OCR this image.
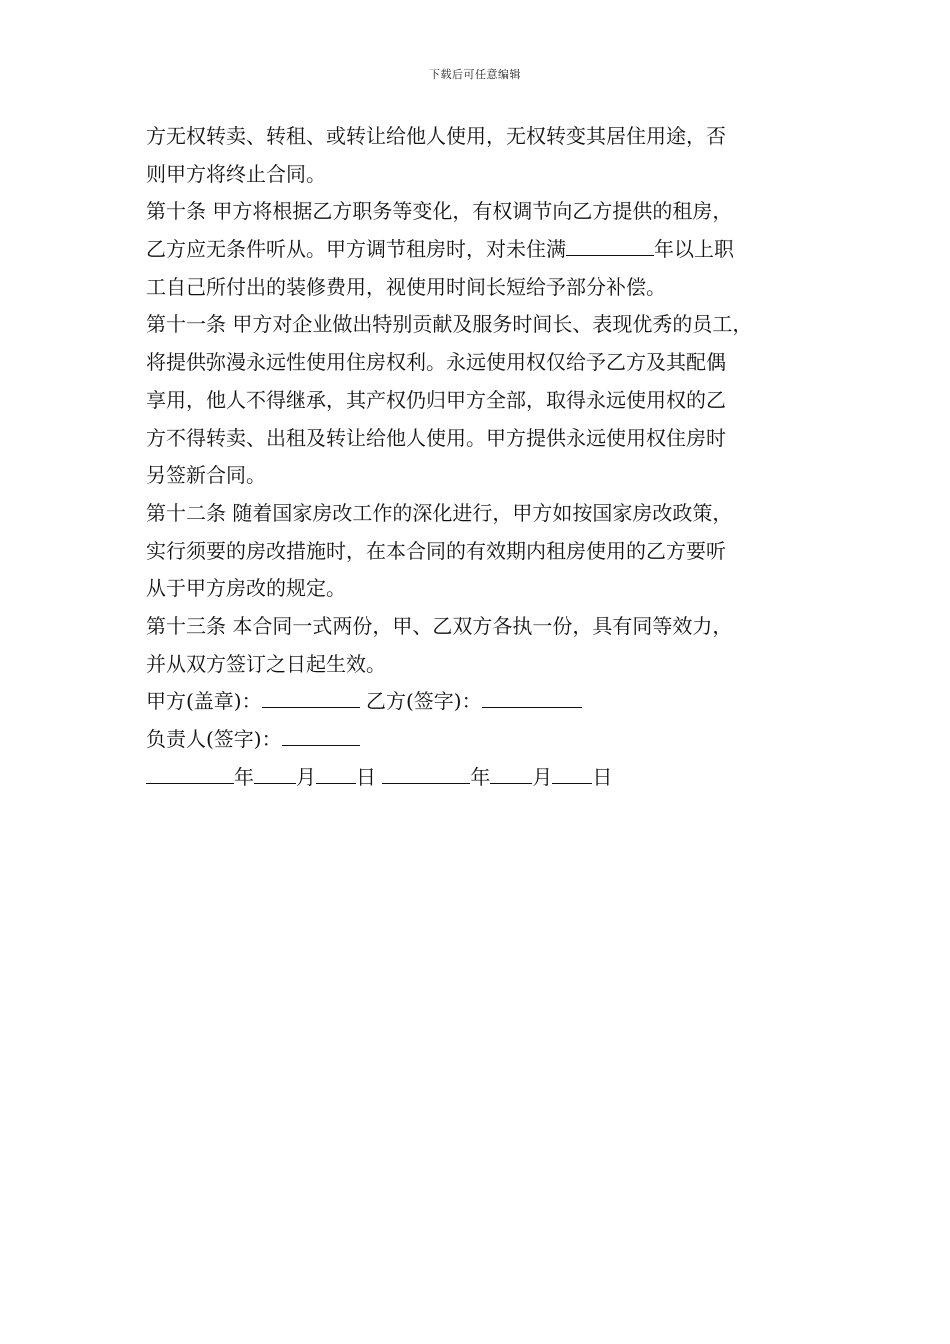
下载后可任意编辑
方无权转卖、转租、或转让给他人使用，无权转变其居住用途，否
则甲方将终止合同。
第十条 甲方将根据乙方职务等变化，有权调节向乙方提供的租房，
乙方应无条件听从。甲方调节租房时，对未住满	年以上职
工自己所付出的装修费用，视使用时间长短给予部分补偿。
第十一条 甲方对企业做出特别贡献及服务时间长、表现优秀的员工，
将提供弥漫永远性使用住房权利。永远使用权仅给予乙方及其配偶
享用，他人不得继承，其产权仍归甲方全部，取得永远使用权的乙
方不得转卖、出租及转让给他人使用。甲方提供永远使用权住房时
另签新合同。
第十二条 随着国家房改工作的深化进行，甲方如按国家房改政策，
实行须要的房改措施时，在本合同的有效期内租房使用的乙方要听
从于甲方房改的规定。
第十三条 本合同一式两份，甲、乙双方各执一份，具有同等效力，
并从双方签订之日起生效。
甲方(盖章)：	乙方(签字)：
负责人(签字)：
年 月 日	年 月 日
